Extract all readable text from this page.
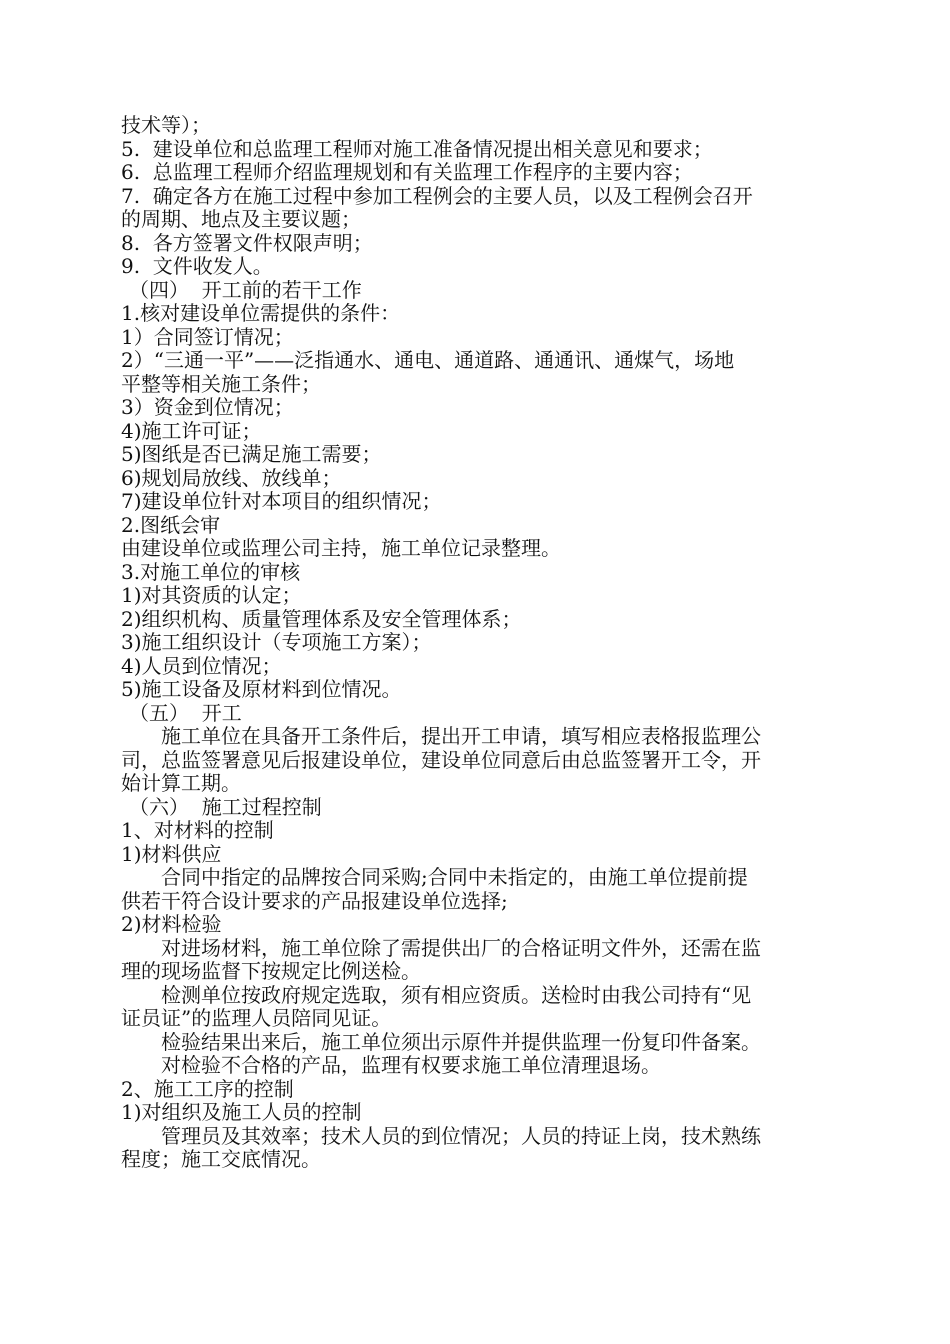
技术等）；

5.  建设单位和总监理工程师对施工准备情况提出相关意见和要求；

6.  总监理工程师介绍监理规划和有关监理工作程序的主要内容；

7.  确定各方在施工过程中参加工程例会的主要人员，以及工程例会召开

的周期、地点及主要议题；

8.  各方签署文件权限声明；

9.  文件收发人。

（四）  开工前的若干工作

1.核对建设单位需提供的条件：

1）合同签订情况；

2）“三通一平”——泛指通水、通电、通道路、通通讯、通煤气，场地

平整等相关施工条件；

3）资金到位情况；

4)施工许可证；

5)图纸是否已满足施工需要；

6)规划局放线、放线单；

7)建设单位针对本项目的组织情况；

2.图纸会审

由建设单位或监理公司主持，施工单位记录整理。

3.对施工单位的审核

1)对其资质的认定；

2)组织机构、质量管理体系及安全管理体系；

3)施工组织设计（专项施工方案）；

4)人员到位情况；

5)施工设备及原材料到位情况。

（五）  开工

施工单位在具备开工条件后，提出开工申请，填写相应表格报监理公

司，总监签署意见后报建设单位，建设单位同意后由总监签署开工令，开

始计算工期。

（六）  施工过程控制

1、对材料的控制

1)材料供应

合同中指定的品牌按合同采购;合同中未指定的，由施工单位提前提

供若干符合设计要求的产品报建设单位选择;

2)材料检验

对进场材料，施工单位除了需提供出厂的合格证明文件外，还需在监

理的现场监督下按规定比例送检。

检测单位按政府规定选取，须有相应资质。送检时由我公司持有“见

证员证”的监理人员陪同见证。

检验结果出来后，施工单位须出示原件并提供监理一份复印件备案。

对检验不合格的产品，监理有权要求施工单位清理退场。

2、施工工序的控制

1)对组织及施工人员的控制

管理员及其效率；技术人员的到位情况；人员的持证上岗，技术熟练

程度；施工交底情况。
